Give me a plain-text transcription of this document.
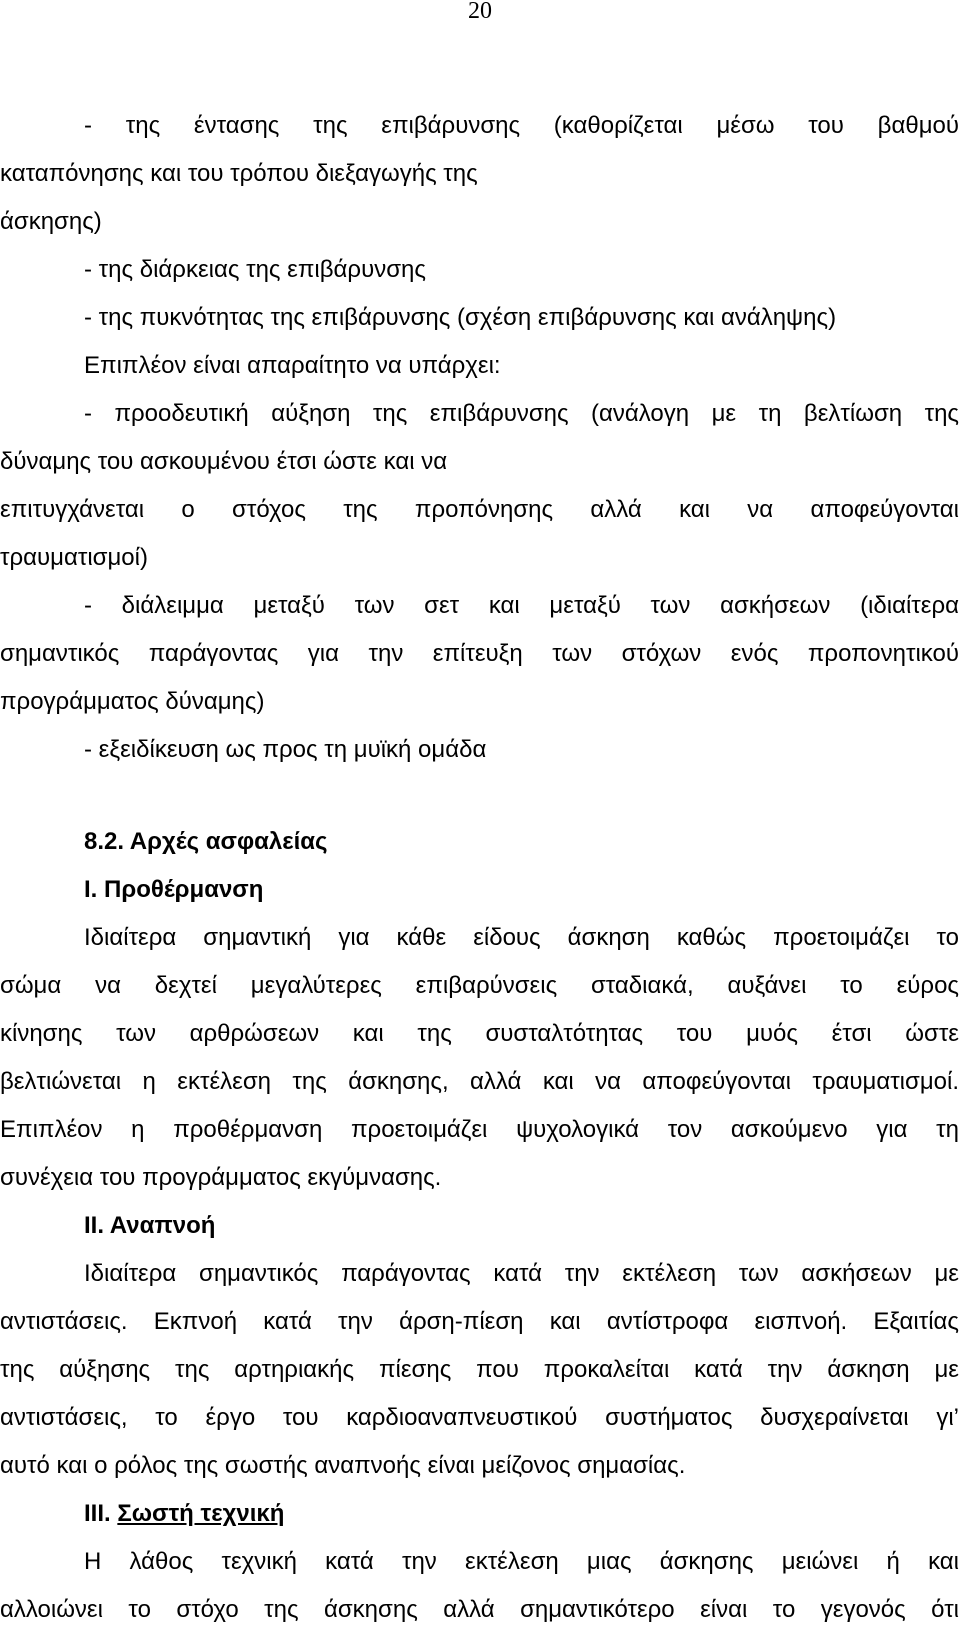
20
- της έντασης της επιβάρυνσης (καθορίζεται μέσω του βαθμού
καταπόνησης και του τρόπου διεξαγωγής της
άσκησης)
- της διάρκειας της επιβάρυνσης
- της πυκνότητας της επιβάρυνσης (σχέση επιβάρυνσης και ανάληψης)
Επιπλέον είναι απαραίτητο να υπάρχει:
- προοδευτική αύξηση της επιβάρυνσης (ανάλογη με τη βελτίωση της
δύναμης του ασκουμένου έτσι ώστε και να
επιτυγχάνεται ο στόχος της προπόνησης αλλά και να αποφεύγονται
τραυματισμοί)
- διάλειμμα μεταξύ των σετ και μεταξύ των ασκήσεων (ιδιαίτερα
σημαντικός παράγοντας για την επίτευξη των στόχων ενός προπονητικού
προγράμματος δύναμης)
- εξειδίκευση ως προς τη μυϊκή ομάδα
8.2. Αρχές ασφαλείας
Ι. Προθέρμανση
Ιδιαίτερα σημαντική για κάθε είδους άσκηση καθώς προετοιμάζει το
σώμα να δεχτεί μεγαλύτερες επιβαρύνσεις σταδιακά, αυξάνει το εύρος
κίνησης των αρθρώσεων και της συσταλτότητας του μυός έτσι ώστε
βελτιώνεται η εκτέλεση της άσκησης, αλλά και να αποφεύγονται τραυματισμοί.
Επιπλέον η προθέρμανση προετοιμάζει ψυχολογικά τον ασκούμενο για τη
συνέχεια του προγράμματος εκγύμνασης.
ΙΙ. Αναπνοή
Ιδιαίτερα σημαντικός παράγοντας κατά την εκτέλεση των ασκήσεων με
αντιστάσεις. Εκπνοή κατά την άρση-πίεση και αντίστροφα εισπνοή. Εξαιτίας
της αύξησης της αρτηριακής πίεσης που προκαλείται κατά την άσκηση με
αντιστάσεις, το έργο του καρδιοαναπνευστικού συστήματος δυσχεραίνεται γι’
αυτό και ο ρόλος της σωστής αναπνοής είναι μείζονος σημασίας.
ΙΙΙ. Σωστή τεχνική
Η λάθος τεχνική κατά την εκτέλεση μιας άσκησης μειώνει ή και
αλλοιώνει το στόχο της άσκησης αλλά σημαντικότερο είναι το γεγονός ότι
